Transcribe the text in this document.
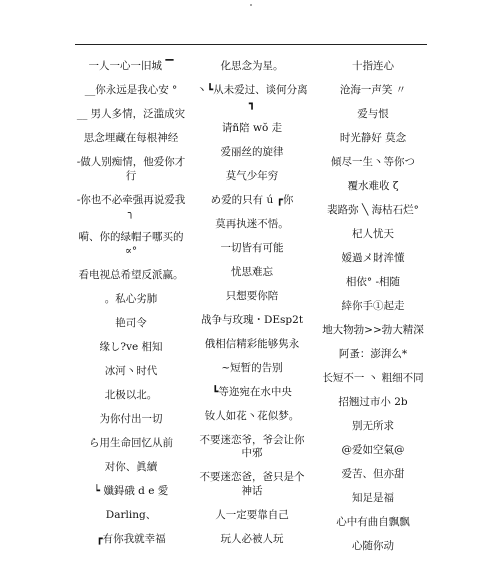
一人一心一旧城 ▔
__你永远是我心安 °
__ 男人多情，泛滥成灾
思念埋藏在每根神经
-做人别痴情，他爱你才行
-你也不必牵强再说爱我╮
嗬、你的绿帽子哪买的∝°
看电视总希望反派赢。
。私心劣肺
艳司令
缘し?ve 相知
冰河丶时代
北极以北。
为你付出一切
ら用生命回忆从前
对你、眞續
┕ 孅鍀硪 d e 愛
Darling、
┏有你我就幸福
化思念为星。
丶┗从未爱过、谈何分离┓
请ñ陪 wŏ 走
爱丽丝的旋律
莫气少年穷
め爱的只有 ú ┏你
莫再执迷不悟。
一切皆有可能
忧思难忘
只想要你陪
战争与玫瑰・DEsp2t
俄相信精彩能够隽永
~短暂的告别
┗等迩宛在水中央
钕人如花丶花似梦。
不要迷恋爷，爷会让你中邪
不要迷恋爸，爸只是个神话
人一定要靠自己
玩人必被人玩
十指连心
沧海一声笑 〃
爱与恨
时光静好 莫念
傾尽一生丶等你つ
覆水难收 ζ
裴路弥 ╲ 海枯石烂°
杞人忧天
嫒過メ財洠懂
相依° -相随
緈你手①起走
地大物勃>>勃大精深
阿蚤：澎湃么*
长短不一 丶 粗细不同
招翘过市小 2b
别无所求
@爱如空氣@
爱苦、但亦甜
知足是福
心中有曲自飘飘
心随你动
